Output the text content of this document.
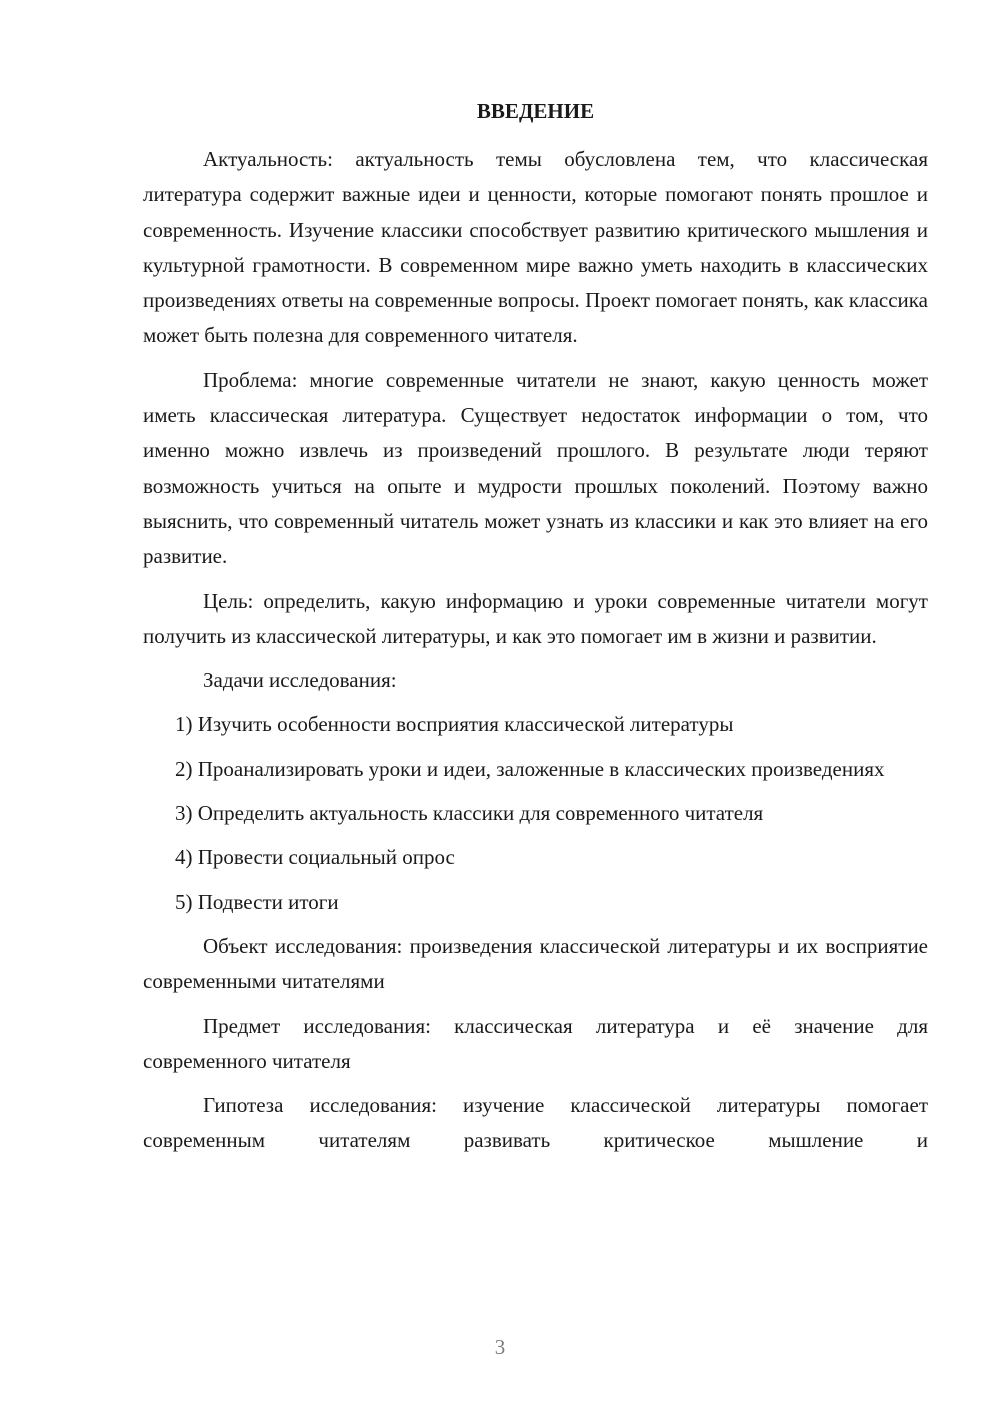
ВВЕДЕНИЕ

Актуальность: актуальность темы обусловлена тем, что классическая литература содержит важные идеи и ценности, которые помогают понять прошлое и современность. Изучение классики способствует развитию критического мышления и культурной грамотности. В современном мире важно уметь находить в классических произведениях ответы на современные вопросы. Проект помогает понять, как классика может быть полезна для современного читателя.

Проблема: многие современные читатели не знают, какую ценность может иметь классическая литература. Существует недостаток информации о том, что именно можно извлечь из произведений прошлого. В результате люди теряют возможность учиться на опыте и мудрости прошлых поколений. Поэтому важно выяснить, что современный читатель может узнать из классики и как это влияет на его развитие.

Цель: определить, какую информацию и уроки современные читатели могут получить из классической литературы, и как это помогает им в жизни и развитии.

Задачи исследования:

1) Изучить особенности восприятия классической литературы

2) Проанализировать уроки и идеи, заложенные в классических произведениях

3) Определить актуальность классики для современного читателя

4) Провести социальный опрос

5) Подвести итоги

Объект исследования: произведения классической литературы и их восприятие современными читателями

Предмет исследования: классическая литература и её значение для современного читателя

Гипотеза исследования: изучение классической литературы помогает современным читателям развивать критическое мышление и

3
